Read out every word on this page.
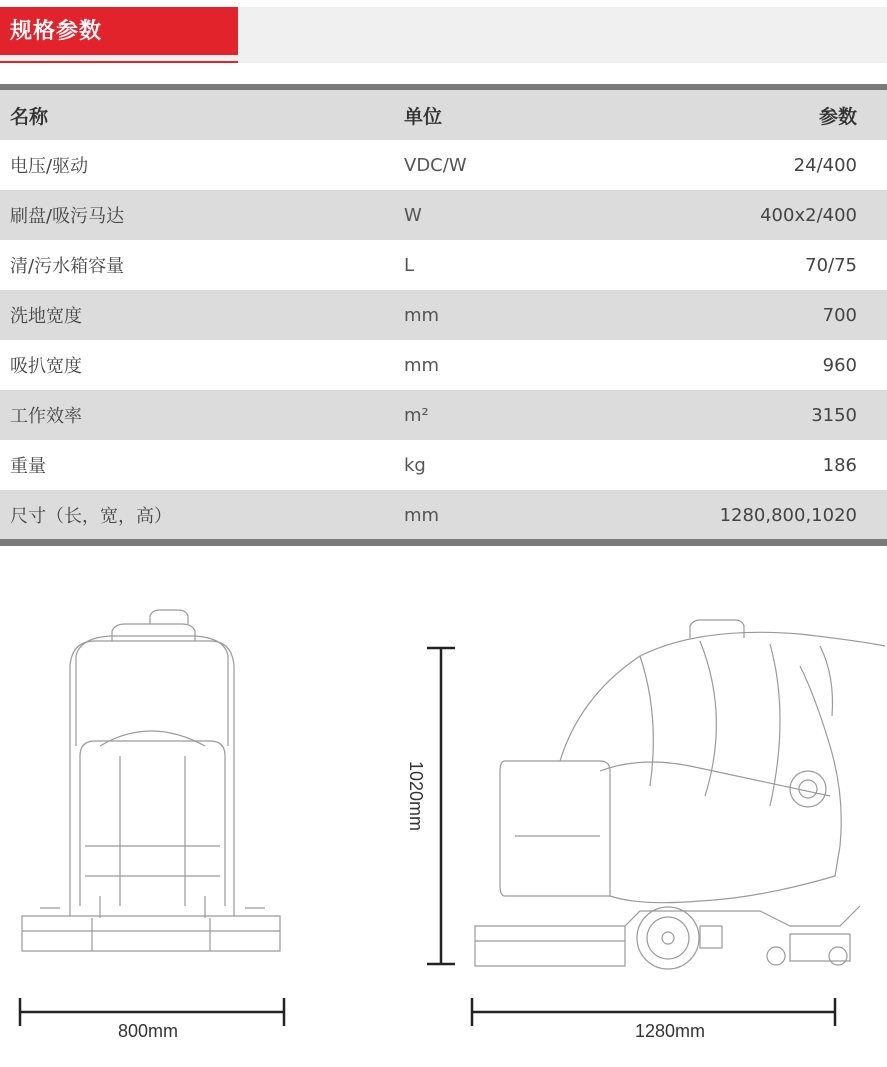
规格参数
名称	单位	参数
电压/驱动	VDC/W	24/400
刷盘/吸污马达	W	400x2/400
清/污水箱容量	L	70/75
洗地宽度	mm	700
吸扒宽度	mm	960
工作效率	m²	3150
重量	kg	186
尺寸（长，宽，高）	mm	1280,800,1020
800mm	1280mm
1020mm
